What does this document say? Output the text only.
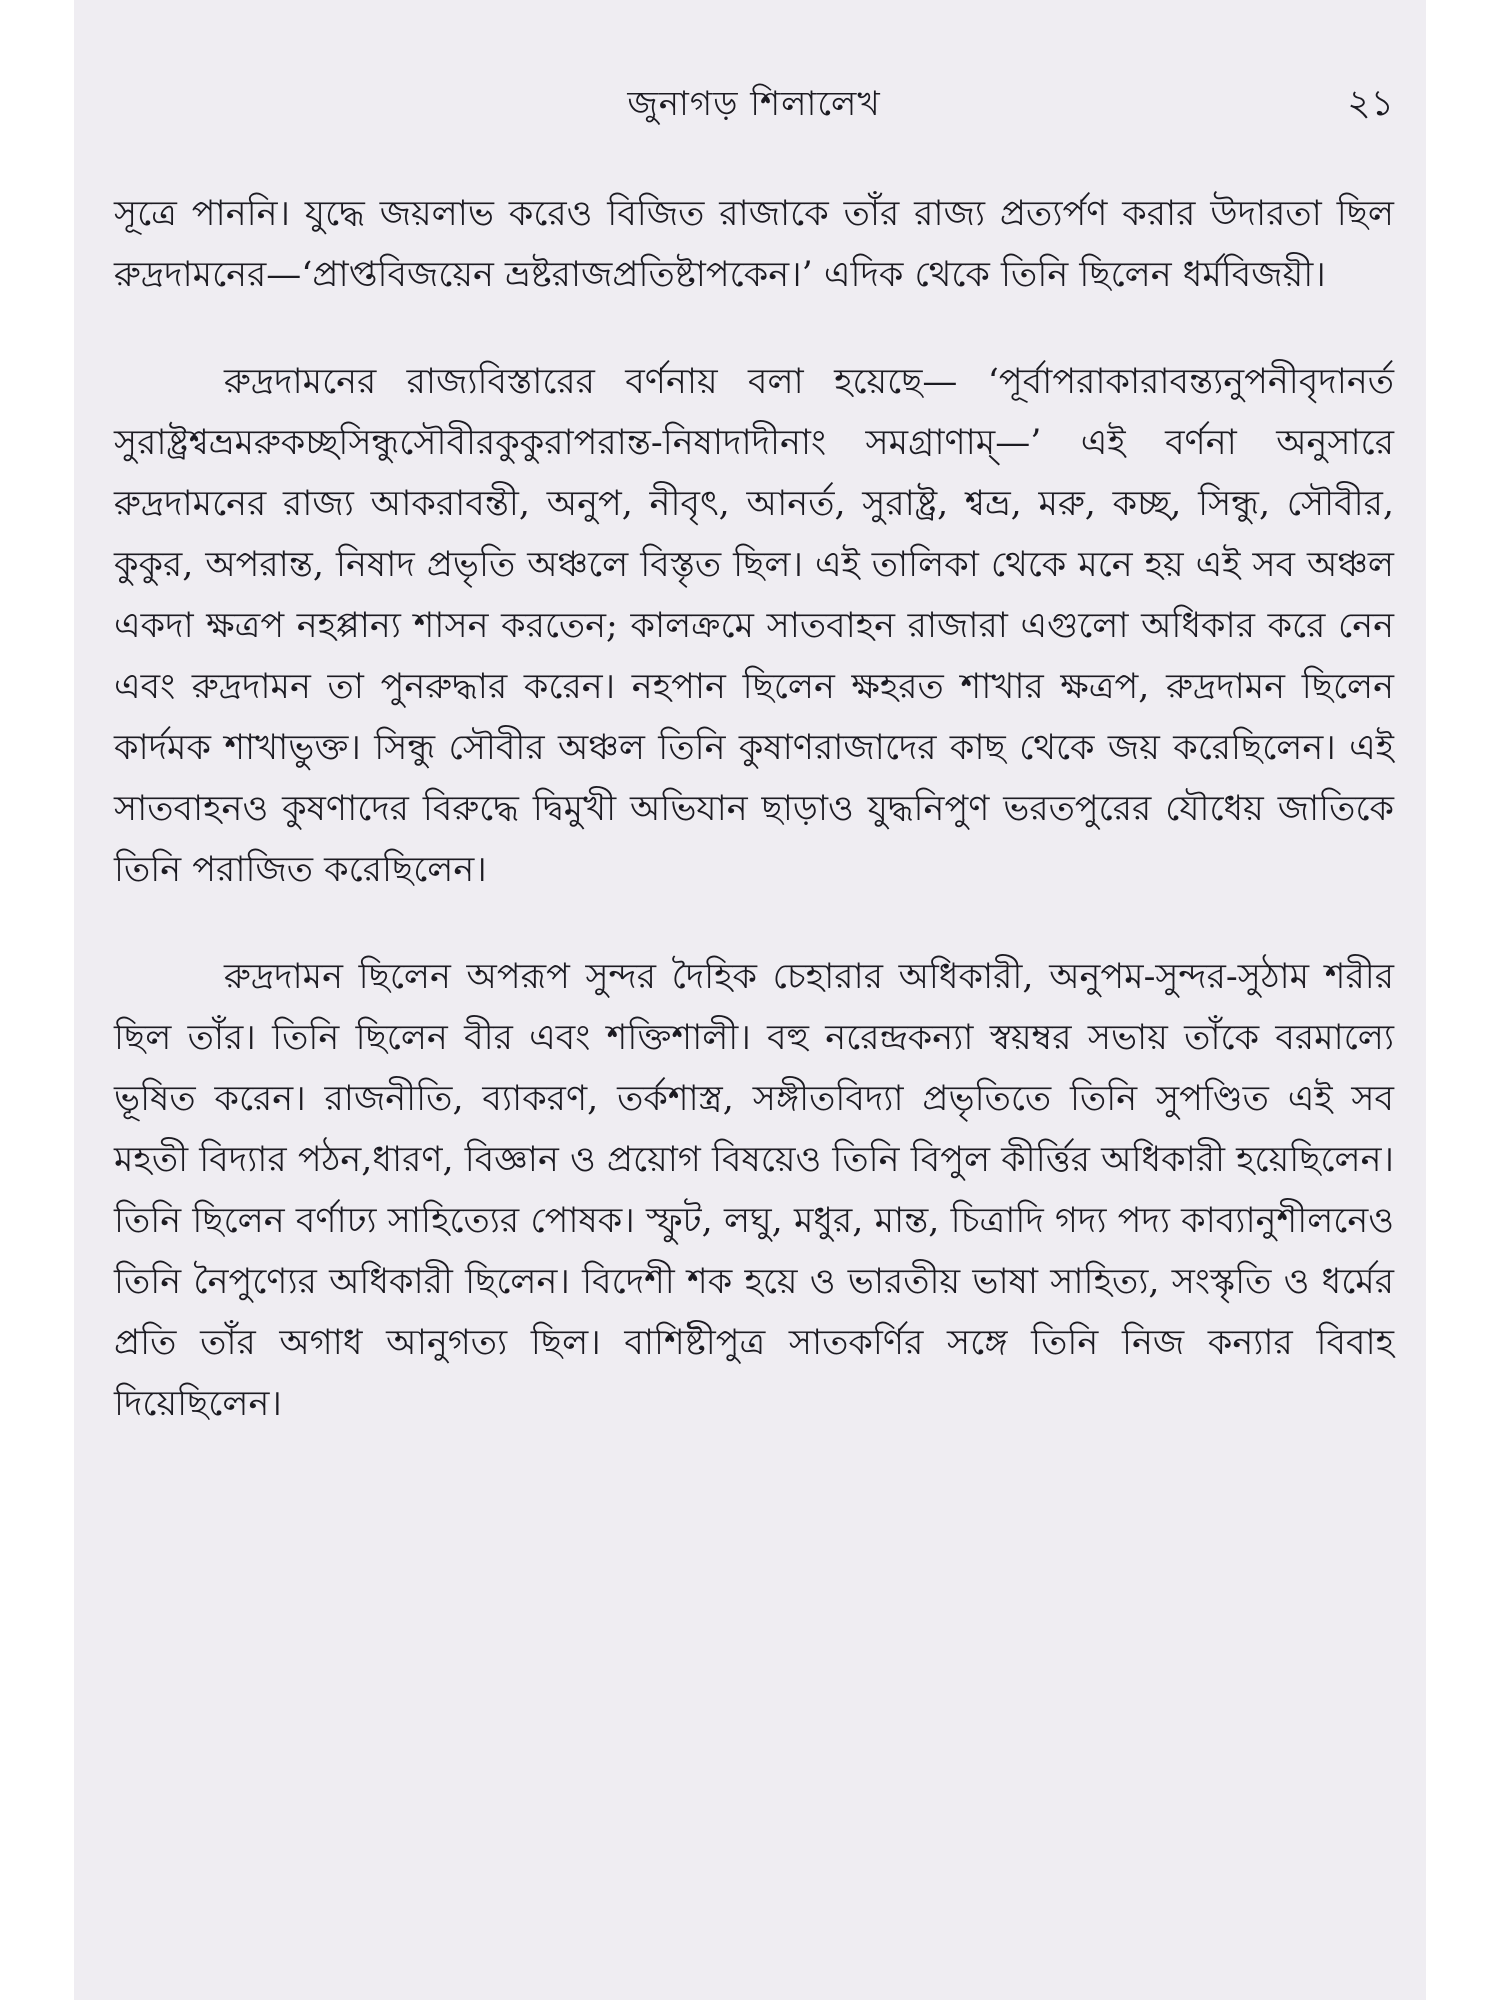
জুনাগড় শিলালেখ	২১

সূত্রে পাননি। যুদ্ধে জয়লাভ করেও বিজিত রাজাকে তাঁর রাজ্য প্রত্যর্পণ করার উদারতা ছিল রুদ্রদামনের—‘প্রাপ্তবিজয়েন ভ্রষ্টরাজপ্রতিষ্টাপকেন।’ এদিক থেকে তিনি ছিলেন ধর্মবিজয়ী।

রুদ্রদামনের রাজ্যবিস্তারের বর্ণনায় বলা হয়েছে— ‘পূর্বাপরাকারাবন্ত্যনুপনীবৃদানর্ত সুরাষ্ট্রশ্বভ্রমরুকচ্ছসিন্ধুসৌবীরকুকুরাপরান্ত-নিষাদাদীনাং সমগ্রাণাম্—’ এই বর্ণনা অনুসারে রুদ্রদামনের রাজ্য আকরাবন্তী, অনুপ, নীবৃৎ, আনর্ত, সুরাষ্ট্র, শ্বভ্র, মরু, কচ্ছ, সিন্ধু, সৌবীর, কুকুর, অপরান্ত, নিষাদ প্রভৃতি অঞ্চলে বিস্তৃত ছিল। এই তালিকা থেকে মনে হয় এই সব অঞ্চল একদা ক্ষত্রপ নহপ্পান্য শাসন করতেন; কালক্রমে সাতবাহন রাজারা এগুলো অধিকার করে নেন এবং রুদ্রদামন তা পুনরুদ্ধার করেন। নহপান ছিলেন ক্ষহরত শাখার ক্ষত্রপ, রুদ্রদামন ছিলেন কার্দমক শাখাভুক্ত। সিন্ধু সৌবীর অঞ্চল তিনি কুষাণরাজাদের কাছ থেকে জয় করেছিলেন। এই সাতবাহনও কুষণাদের বিরুদ্ধে দ্বিমুখী অভিযান ছাড়াও যুদ্ধনিপুণ ভরতপুরের যৌধেয় জাতিকে তিনি পরাজিত করেছিলেন।

রুদ্রদামন ছিলেন অপরূপ সুন্দর দৈহিক চেহারার অধিকারী, অনুপম-সুন্দর-সুঠাম শরীর ছিল তাঁর। তিনি ছিলেন বীর এবং শক্তিশালী। বহু নরেন্দ্রকন্যা স্বয়ম্বর সভায় তাঁকে বরমাল্যে ভূষিত করেন। রাজনীতি, ব্যাকরণ, তর্কশাস্ত্র, সঙ্গীতবিদ্যা প্রভৃতিতে তিনি সুপণ্ডিত এই সব মহতী বিদ্যার পঠন,ধারণ, বিজ্ঞান ও প্রয়োগ বিষয়েও তিনি বিপুল কীর্ত্তির অধিকারী হয়েছিলেন। তিনি ছিলেন বর্ণাঢ্য সাহিত্যের পোষক। স্ফুট, লঘু, মধুর, মান্ত, চিত্রাদি গদ্য পদ্য কাব্যানুশীলনেও তিনি নৈপুণ্যের অধিকারী ছিলেন। বিদেশী শক হয়ে ও ভারতীয় ভাষা সাহিত্য, সংস্কৃতি ও ধর্মের প্রতি তাঁর অগাধ আনুগত্য ছিল। বাশিষ্টীপুত্র সাতকর্ণির সঙ্গে তিনি নিজ কন্যার বিবাহ দিয়েছিলেন।
